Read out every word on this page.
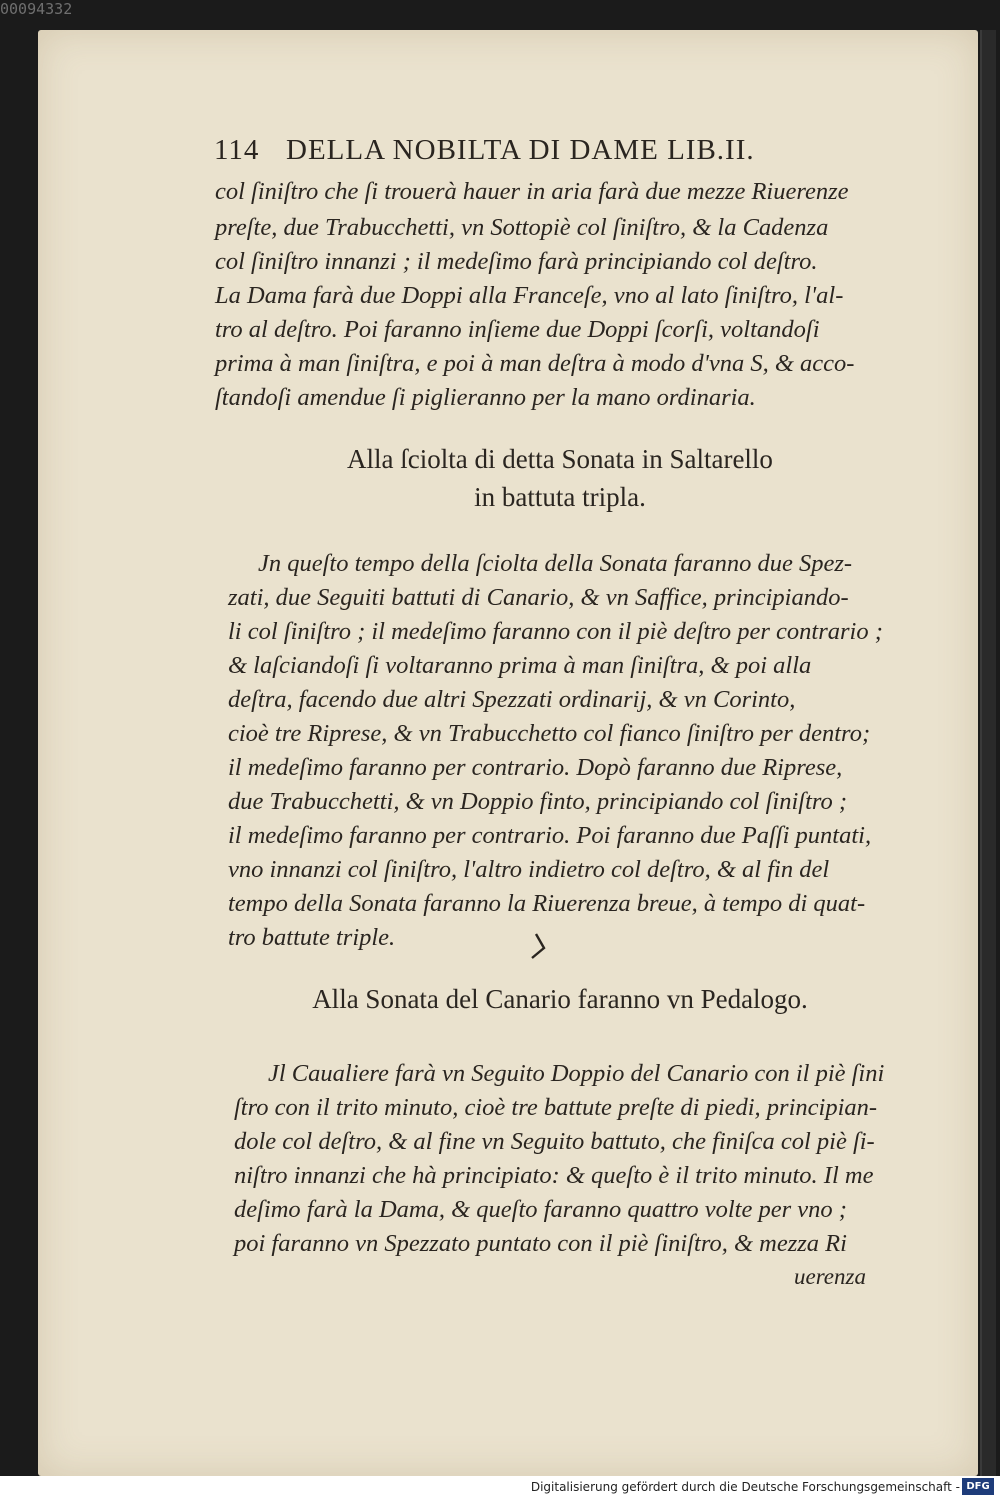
00094332
114 DELLA NOBILTA DI DAME LIB.II.
col ſiniſtro che ſi trouerà hauer in aria farà due mezze Riuerenze
preſte, due Trabucchetti, vn Sottopiè col ſiniſtro, & la Cadenza
col ſiniſtro innanzi ; il medeſimo farà principiando col deſtro.
La Dama farà due Doppi alla Franceſe, vno al lato ſiniſtro, l'al-
tro al deſtro. Poi faranno inſieme due Doppi ſcorſi, voltandoſi
prima à man ſiniſtra, e poi à man deſtra à modo d'vna S, & acco-
ſtandoſi amendue ſi piglieranno per la mano ordinaria.
Alla ſciolta di detta Sonata in Saltarello
in battuta tripla.
Jn queſto tempo della ſciolta della Sonata faranno due Spez-
zati, due Seguiti battuti di Canario, & vn Saffice, principiando-
li col ſiniſtro ; il medeſimo faranno con il piè deſtro per contrario ;
& laſciandoſi ſi voltaranno prima à man ſiniſtra, & poi alla
deſtra, facendo due altri Spezzati ordinarij, & vn Corinto,
cioè tre Riprese, & vn Trabucchetto col fianco ſiniſtro per dentro;
il medeſimo faranno per contrario. Dopò faranno due Riprese,
due Trabucchetti, & vn Doppio finto, principiando col ſiniſtro ;
il medeſimo faranno per contrario. Poi faranno due Paſſi puntati,
vno innanzi col ſiniſtro, l'altro indietro col deſtro, & al fin del
tempo della Sonata faranno la Riuerenza breue, à tempo di quat-
tro battute triple.
Alla Sonata del Canario faranno vn Pedalogo.
Jl Caualiere farà vn Seguito Doppio del Canario con il piè ſini
ſtro con il trito minuto, cioè tre battute preſte di piedi, principian-
dole col deſtro, & al fine vn Seguito battuto, che finiſca col piè ſi-
niſtro innanzi che hà principiato: & queſto è il trito minuto. Il me
deſimo farà la Dama, & queſto faranno quattro volte per vno ;
poi faranno vn Spezzato puntato con il piè ſiniſtro, & mezza Ri
uerenza
Digitalisierung gefördert durch die Deutsche Forschungsgemeinschaft - DFG
